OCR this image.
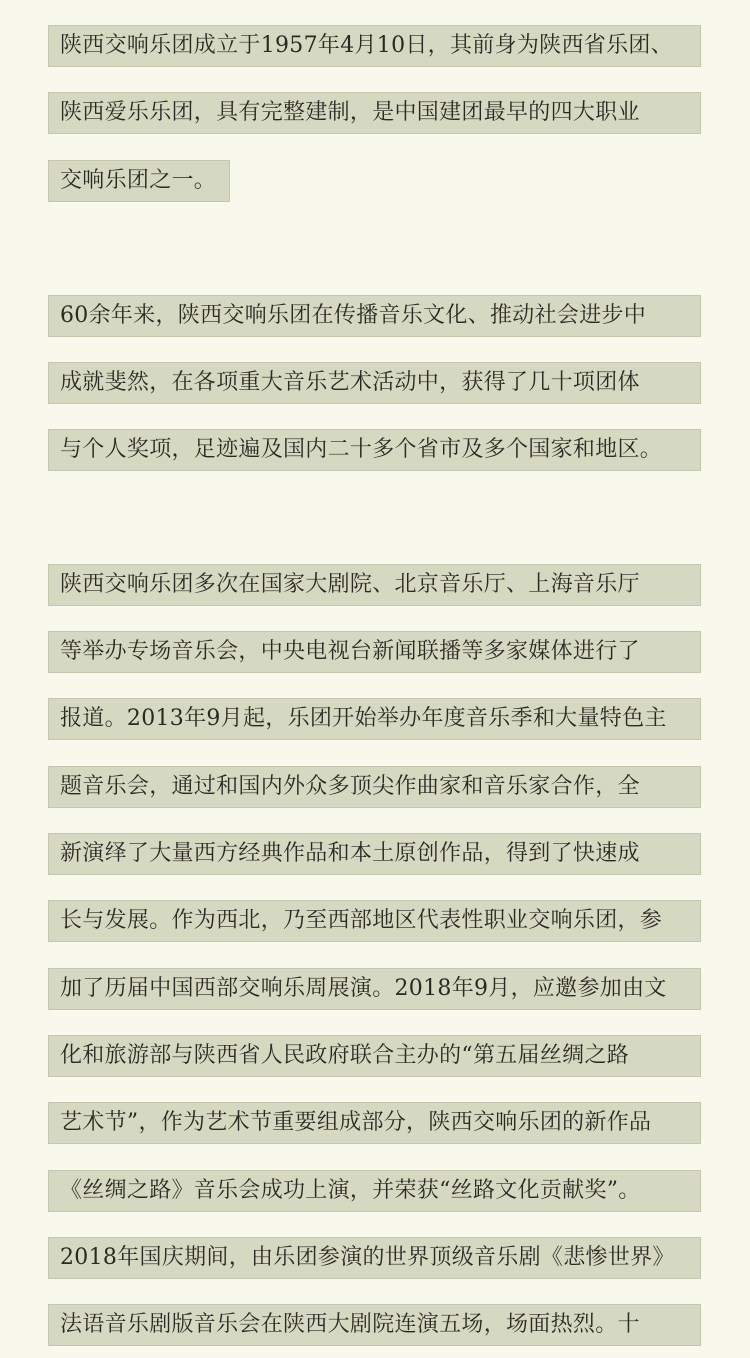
陕西交响乐团成立于1957年4月10日，其前身为陕西省乐团、
陕西爱乐乐团，具有完整建制，是中国建团最早的四大职业
交响乐团之一。
60余年来，陕西交响乐团在传播音乐文化、推动社会进步中
成就斐然，在各项重大音乐艺术活动中，获得了几十项团体
与个人奖项，足迹遍及国内二十多个省市及多个国家和地区。
陕西交响乐团多次在国家大剧院、北京音乐厅、上海音乐厅
等举办专场音乐会，中央电视台新闻联播等多家媒体进行了
报道。2013年9月起，乐团开始举办年度音乐季和大量特色主
题音乐会，通过和国内外众多顶尖作曲家和音乐家合作，全
新演绎了大量西方经典作品和本土原创作品，得到了快速成
长与发展。作为西北，乃至西部地区代表性职业交响乐团，参
加了历届中国西部交响乐周展演。2018年9月，应邀参加由文
化和旅游部与陕西省人民政府联合主办的“第五届丝绸之路
艺术节”，作为艺术节重要组成部分，陕西交响乐团的新作品
《丝绸之路》音乐会成功上演，并荣获“丝路文化贡献奖”。
2018年国庆期间，由乐团参演的世界顶级音乐剧《悲惨世界》
法语音乐剧版音乐会在陕西大剧院连演五场，场面热烈。十
